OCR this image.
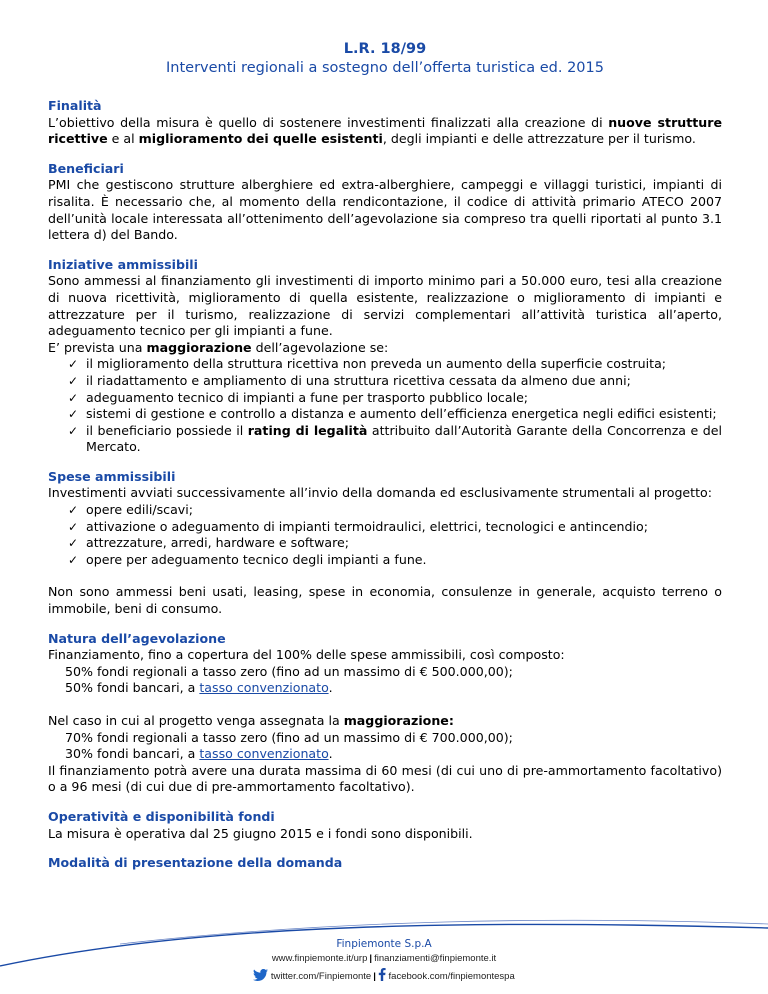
L.R. 18/99
Interventi regionali a sostegno dell’offerta turistica ed. 2015
Finalità

L’obiettivo della misura è quello di sostenere investimenti finalizzati alla creazione di nuove strutture ricettive e al miglioramento dei quelle esistenti, degli impianti e delle attrezzature per il turismo.

Beneficiari

PMI che gestiscono strutture alberghiere ed extra-alberghiere, campeggi e villaggi turistici, impianti di risalita. È necessario che, al momento della rendicontazione, il codice di attività primario ATECO 2007 dell’unità locale interessata all’ottenimento dell’agevolazione sia compreso tra quelli riportati al punto 3.1 lettera d) del Bando.

Iniziative ammissibili

Sono ammessi al finanziamento gli investimenti di importo minimo pari a 50.000 euro, tesi alla creazione di nuova ricettività, miglioramento di quella esistente, realizzazione o miglioramento di impianti e attrezzature per il turismo, realizzazione di servizi complementari all’attività turistica all’aperto, adeguamento tecnico per gli impianti a fune.

E’ prevista una maggiorazione dell’agevolazione se:

✓ il miglioramento della struttura ricettiva non preveda un aumento della superficie costruita;
✓ il riadattamento e ampliamento di una struttura ricettiva cessata da almeno due anni;
✓ adeguamento tecnico di impianti a fune per trasporto pubblico locale;
✓ sistemi di gestione e controllo a distanza e aumento dell’efficienza energetica negli edifici esistenti;
✓ il beneficiario possiede il rating di legalità attribuito dall’Autorità Garante della Concorrenza e del Mercato.
Spese ammissibili

Investimenti avviati successivamente all’invio della domanda ed esclusivamente strumentali al progetto:

✓ opere edili/scavi;
✓ attivazione o adeguamento di impianti termoidraulici, elettrici, tecnologici e antincendio;
✓ attrezzature, arredi, hardware e software;
✓ opere per adeguamento tecnico degli impianti a fune.

Non sono ammessi beni usati, leasing, spese in economia, consulenze in generale, acquisto terreno o immobile, beni di consumo.

Natura dell’agevolazione

Finanziamento, fino a copertura del 100% delle spese ammissibili, così composto:

50% fondi regionali a tasso zero (fino ad un massimo di € 500.000,00);

50% fondi bancari, a tasso convenzionato.

Nel caso in cui al progetto venga assegnata la maggiorazione:

70% fondi regionali a tasso zero (fino ad un massimo di € 700.000,00);

30% fondi bancari, a tasso convenzionato.

Il finanziamento potrà avere una durata massima di 60 mesi (di cui uno di pre-ammortamento facoltativo) o a 96 mesi (di cui due di pre-ammortamento facoltativo).

Operatività e disponibilità fondi

La misura è operativa dal 25 giugno 2015 e i fondi sono disponibili.

Modalità di presentazione della domanda
Finpiemonte S.p.A
www.finpiemonte.it/urp | finanziamenti@finpiemonte.it
twitter.com/Finpiemonte | facebook.com/finpiemontespa
